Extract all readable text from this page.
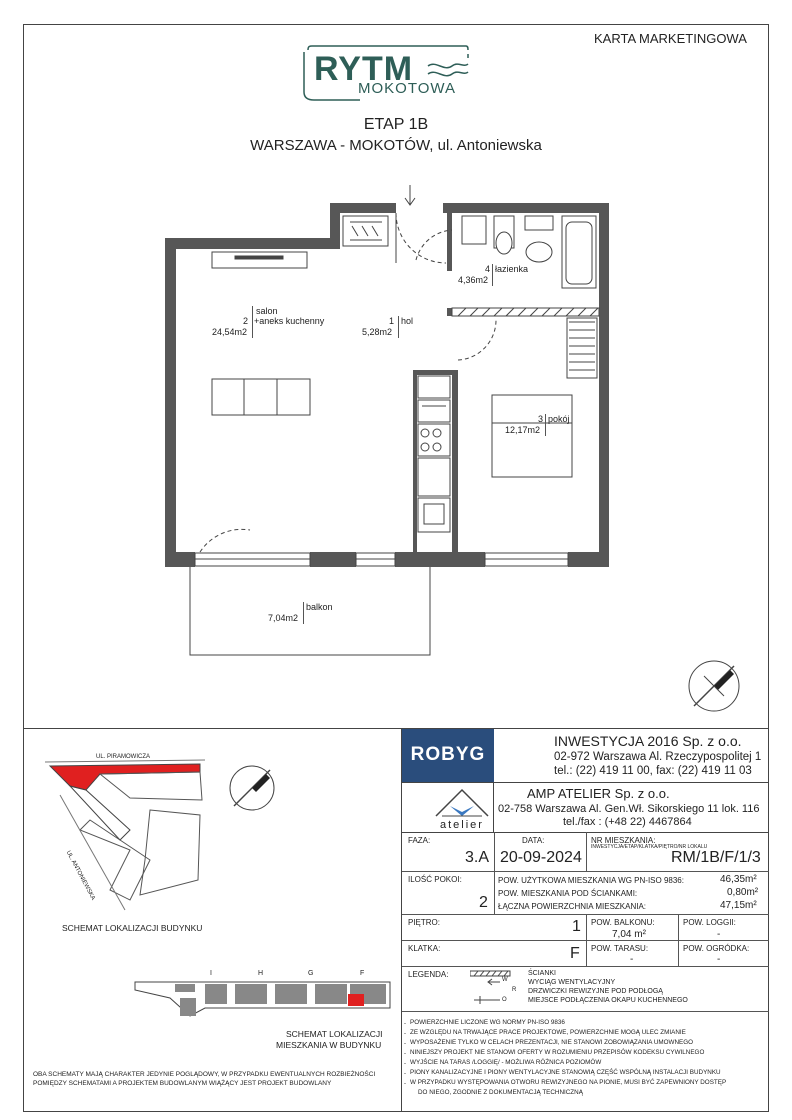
KARTA MARKETINGOWA
RYTM
MOKOTOWA
ETAP 1B
WARSZAWA - MOKOTÓW, ul. Antoniewska
salon
2 +aneks kuchenny
24,54m2
1 hol
5,28m2
4 łazienka
4,36m2
3 pokój
12,17m2
balkon
7,04m2
UL. PIRAMOWICZA
UL. ANTONIEWSKA
SCHEMAT LOKALIZACJI BUDYNKU
I	H	G	F
SCHEMAT LOKALIZACJI
MIESZKANIA W BUDYNKU
OBA SCHEMATY MAJĄ CHARAKTER JEDYNIE POGLĄDOWY, W PRZYPADKU EWENTUALNYCH ROZBIEŻNOŚCI
POMIĘDZY SCHEMATAMI A PROJEKTEM BUDOWLANYM WIĄŻĄCY JEST PROJEKT BUDOWLANY
ROBYG
INWESTYCJA 2016 Sp. z o.o.
02-972 Warszawa Al. Rzeczypospolitej 1
tel.: (22) 419 11 00, fax: (22) 419 11 03
atelier
AMP ATELIER Sp. z o.o.
02-758 Warszawa Al. Gen.Wł. Sikorskiego 11 lok. 116
tel./fax : (+48 22) 4467864
FAZA:
3.A
DATA:
20-09-2024
NR MIESZKANIA:
INWESTYCJA/ETAP/KLATKA/PIĘTRO/NR LOKALU
RM/1B/F/1/3
ILOŚĆ POKOI:
2
POW. UŻYTKOWA MIESZKANIA WG PN-ISO 9836:	46,35m²
POW. MIESZKANIA POD ŚCIANKAMI:	0,80m²
ŁĄCZNA POWIERZCHNIA MIESZKANIA:	47,15m²
PIĘTRO:	1 POW. BALKONU:
7,04 m²
POW. LOGGII:
-
KLATKA:	F POW. TARASU:
-
POW. OGRÓDKA:
-
LEGENDA:
W
R
O
ŚCIANKI
WYCIĄG WENTYLACYJNY
DRZWICZKI REWIZYJNE POD PODŁOGĄ
MIEJSCE PODŁĄCZENIA OKAPU KUCHENNEGO
POWIERZCHNIE LICZONE WG NORMY PN-ISO 9836
ZE WZGLĘDU NA TRWAJĄCE PRACE PROJEKTOWE, POWIERZCHNIE MOGĄ ULEC ZMIANIE
WYPOSAŻENIE TYLKO W CELACH PREZENTACJI, NIE STANOWI ZOBOWIĄZANIA UMOWNEGO
NINIEJSZY PROJEKT NIE STANOWI OFERTY W ROZUMIENIU PRZEPISÓW KODEKSU CYWILNEGO
WYJŚCIE NA TARAS /LOGGIĘ/ - MOŻLIWA RÓŻNICA POZIOMÓW
PIONY KANALIZACYJNE I PIONY WENTYLACYJNE STANOWIĄ CZĘŚĆ WSPÓLNĄ INSTALACJI BUDYNKU
W PRZYPADKU WYSTĘPOWANIA OTWORU REWIZYJNEGO NA PIONIE, MUSI BYĆ ZAPEWNIONY DOSTĘP
DO NIEGO, ZGODNIE Z DOKUMENTACJĄ TECHNICZNĄ
-
-
-
-
-
-
-
